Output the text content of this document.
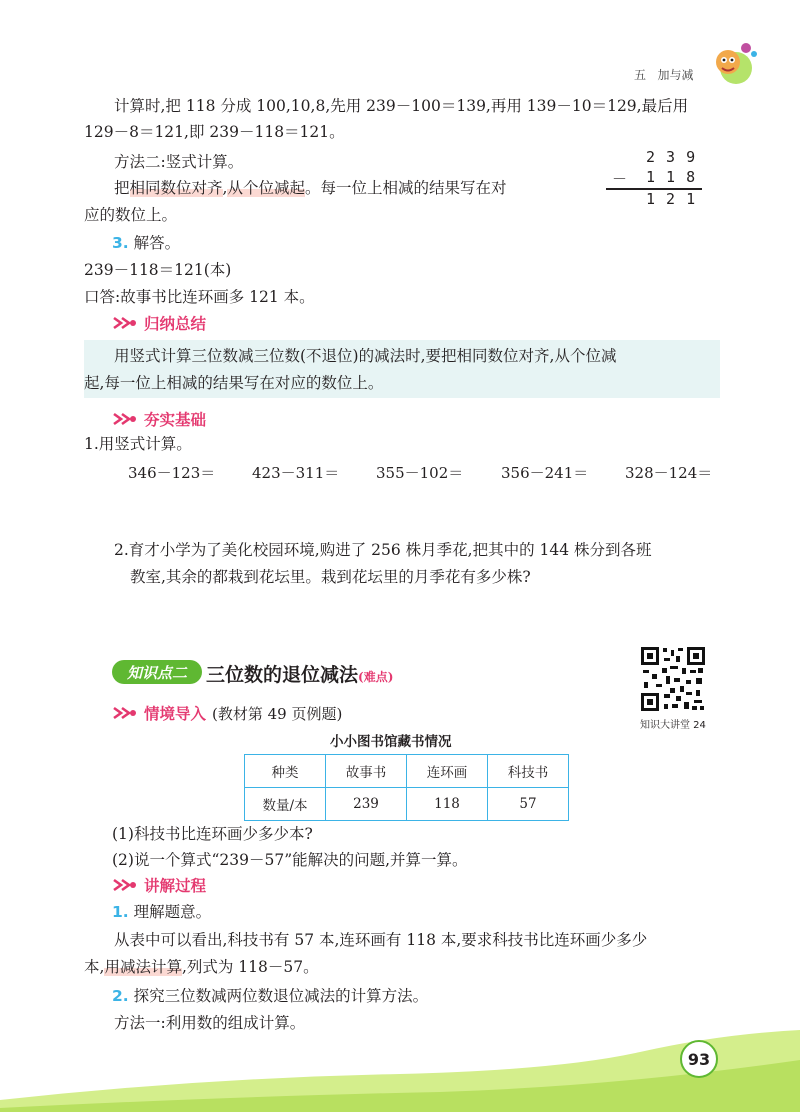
五 加与减
计算时,把 118 分成 100,10,8,先用 239－100＝139,再用 139－10＝129,最后用
129－8＝121,即 239－118＝121。
方法二:竖式计算。
把相同数位对齐,从个位减起。每一位上相减的结果写在对
应的数位上。
2 3 9
－ 1 1 8
1 2 1
3. 解答。
239－118＝121(本)
口答:故事书比连环画多 121 本。
归纳总结
用竖式计算三位数减三位数(不退位)的减法时,要把相同数位对齐,从个位减
起,每一位上相减的结果写在对应的数位上。
夯实基础
1.用竖式计算。
346－123＝ 423－311＝ 355－102＝	356－241＝ 328－124＝
2.育才小学为了美化校园环境,购进了 256 株月季花,把其中的 144 株分到各班
教室,其余的都栽到花坛里。栽到花坛里的月季花有多少株?
知识点二 三位数的退位减法(难点)
知识大讲堂 24
情境导入 (教材第 49 页例题)
小小图书馆藏书情况
种类	故事书	连环画	科技书
数量/本	239	118	57
(1)科技书比连环画少多少本?
(2)说一个算式“239－57”能解决的问题,并算一算。
讲解过程
1. 理解题意。
从表中可以看出,科技书有 57 本,连环画有 118 本,要求科技书比连环画少多少
本,用减法计算,列式为 118－57。
2. 探究三位数减两位数退位减法的计算方法。
方法一:利用数的组成计算。
93
